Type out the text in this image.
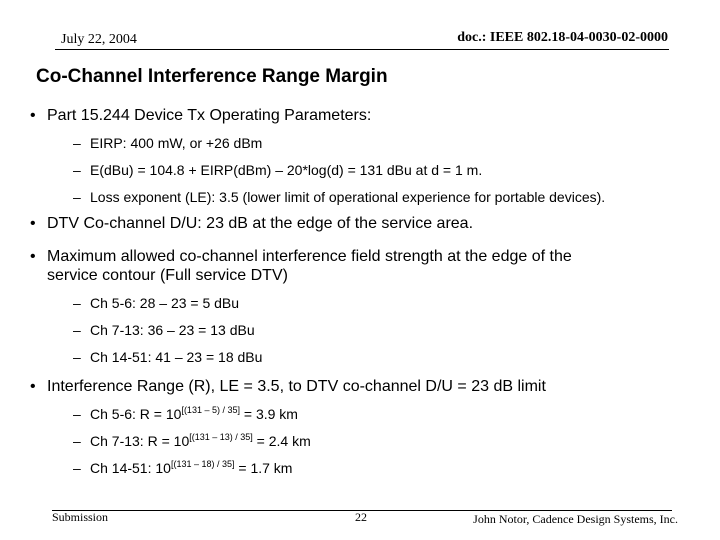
July 22, 2004	doc.: IEEE 802.18-04-0030-02-0000
Co-Channel Interference Range Margin
• Part 15.244 Device Tx Operating Parameters:
– EIRP: 400 mW, or +26 dBm
– E(dBu) = 104.8 + EIRP(dBm) – 20*log(d) = 131 dBu at d = 1 m.
– Loss exponent (LE): 3.5 (lower limit of operational experience for portable devices).
• DTV Co-channel D/U: 23 dB at the edge of the service area.
• Maximum allowed co-channel interference field strength at the edge of the
service contour (Full service DTV)
– Ch 5-6: 28 – 23 = 5 dBu
– Ch 7-13: 36 – 23 = 13 dBu
– Ch 14-51: 41 – 23 = 18 dBu
• Interference Range (R), LE = 3.5, to DTV co-channel D/U = 23 dB limit
– Ch 5-6: R = 10[(131 – 5) / 35] = 3.9 km
– Ch 7-13: R = 10[(131 – 13) / 35] = 2.4 km
– Ch 14-51: 10[(131 – 18) / 35] = 1.7 km
Submission	22	John Notor, Cadence Design Systems, Inc.
